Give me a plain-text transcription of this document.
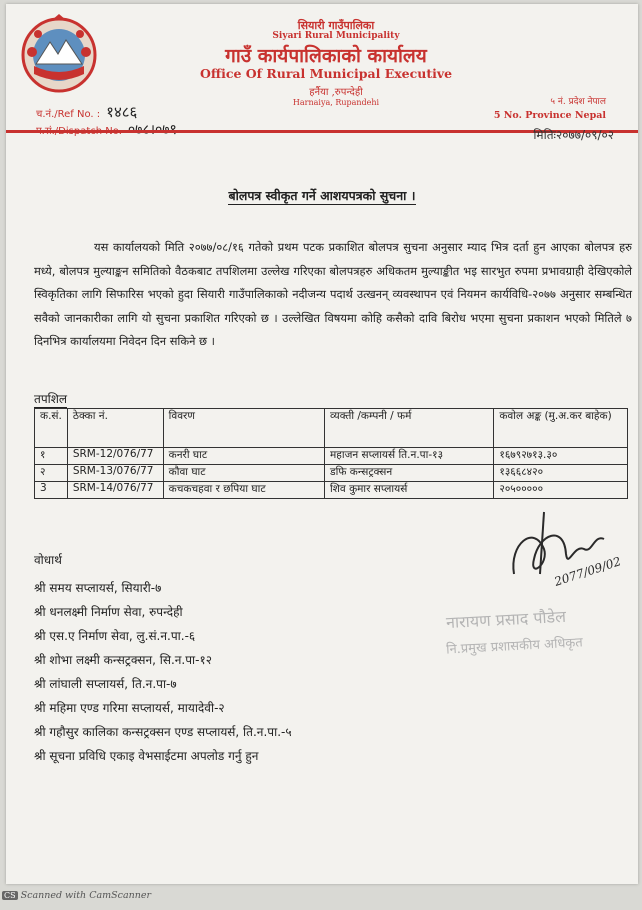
सियारी गाउँपालिका
Siyari Rural Municipality
गाउँ कार्यपालिकाको कार्यालय
Office Of Rural Municipal Executive
हर्नैया ,रुपन्देही
Harnaiya, Rupandehi
च.नं./Ref No. : १४८६
५ नं. प्रदेश नेपाल
5 No. Province Nepal
मितिः२०७७/०९/०२
बोलपत्र स्वीकृत गर्ने आशयपत्रको सुचना ।
यस कार्यालयको मिति २०७७/०८/१६ गतेको प्रथम पटक प्रकाशित बोलपत्र सुचना अनुसार म्याद भित्र दर्ता हुन आएका बोलपत्र हरु मध्ये, बोलपत्र मुल्याङ्कन समितिको वैठकबाट तपशिलमा उल्लेख गरिएका बोलपत्रहरु अधिकतम मुल्याङ्कीत भइ सारभुत रुपमा प्रभावग्राही देखिएकोले स्विकृतिका लागि सिफारिस भएको हुदा सियारी गाउँपालिकाको नदीजन्य पदार्थ उत्खनन् व्यवस्थापन एवं नियमन कार्यविधि-२०७७ अनुसार सम्बन्धित सवैको जानकारीका लागि यो सुचना प्रकाशित गरिएको छ । उल्लेखित विषयमा कोहि कसैको दावि बिरोध भएमा सुचना प्रकाशन भएको मितिले ७ दिनभित्र कार्यालयमा निवेदन दिन सकिने छ ।
तपशिल
क.सं.	ठेक्का नं.	विवरण	व्यक्ती /कम्पनी / फर्म	कवोल अङ्क (मु.अ.कर बाहेक)
१	SRM-12/076/77	कनरी घाट	महाजन सप्लायर्स ति.न.पा-१३	१६७९२७१३.३०
२	SRM-13/076/77	कौवा घाट	डफि कन्सट्रक्सन	१३६६८४२०
3	SRM-14/076/77	कचकचहवा र छपिया घाट	शिव कुमार सप्लायर्स	२०५०००००
2077/09/02
नारायण प्रसाद पौडेल
नि.प्रमुख प्रशासकीय अधिकृत
वोधार्थ
श्री समय सप्लायर्स, सियारी-७
श्री धनलक्ष्मी निर्माण सेवा, रुपन्देही
श्री एस.ए निर्माण सेवा, लु.सं.न.पा.-६
श्री शोभा लक्ष्मी कन्सट्रक्सन, सि.न.पा-१२
श्री लांघाली सप्लायर्स, ति.न.पा-७
श्री महिमा एण्ड गरिमा सप्लायर्स, मायादेवी-२
श्री गहौसुर कालिका कन्सट्रक्सन एण्ड सप्लायर्स, ति.न.पा.-५
श्री सूचना प्रविधि एकाइ वेभसाईटमा अपलोड गर्नु हुन
CS Scanned with CamScanner
